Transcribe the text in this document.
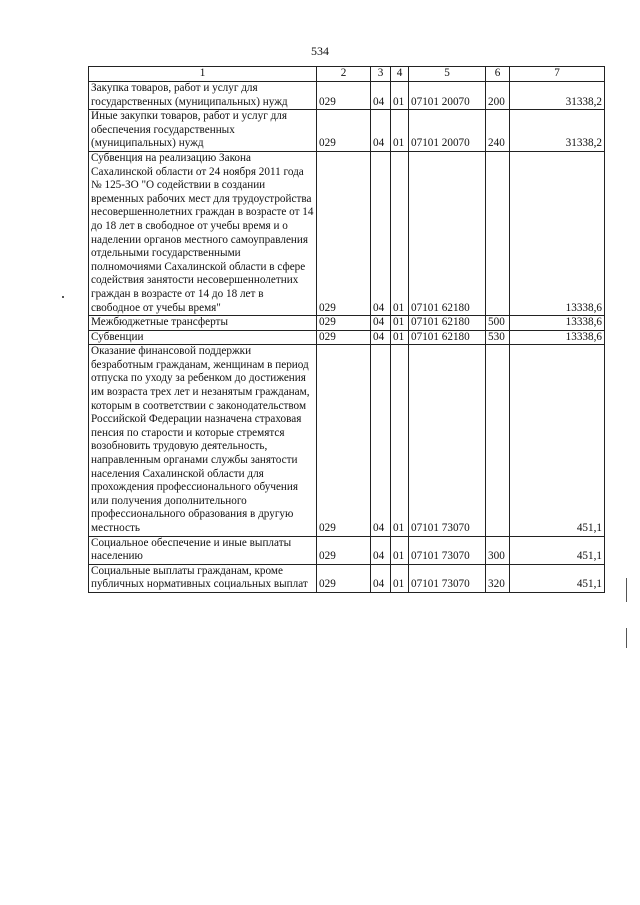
534
1	2	3	4	5	6	7
Закупка товаров, работ и услуг для государственных (муниципальных) нужд	029	04	01	07101 20070	200	31338,2
Иные закупки товаров, работ и услуг для обеспечения государственных (муниципальных) нужд	029	04	01	07101 20070	240	31338,2
Субвенция на реализацию Закона Сахалинской области от 24 ноября 2011 года № 125-ЗО "О содействии в создании временных рабочих мест для трудоустройства несовершеннолетних граждан в возрасте от 14 до 18 лет в свободное от учебы время и о наделении органов местного самоуправления отдельными государственными полномочиями Сахалинской области в сфере содействия занятости несовершеннолетних граждан в возрасте от 14 до 18 лет в свободное от учебы время"	029	04	01	07101 62180		13338,6
Межбюджетные трансферты	029	04	01	07101 62180	500	13338,6
Субвенции	029	04	01	07101 62180	530	13338,6
Оказание финансовой поддержки безработным гражданам, женщинам в период отпуска по уходу за ребенком до достижения им возраста трех лет и незанятым гражданам, которым в соответствии с законодательством Российской Федерации назначена страховая пенсия по старости и которые стремятся возобновить трудовую деятельность, направленным органами службы занятости населения Сахалинской области для прохождения профессионального обучения или получения дополнительного профессионального образования в другую местность	029	04	01	07101 73070		451,1
Социальное обеспечение и иные выплаты населению	029	04	01	07101 73070	300	451,1
Социальные выплаты гражданам, кроме публичных нормативных социальных выплат	029	04	01	07101 73070	320	451,1
